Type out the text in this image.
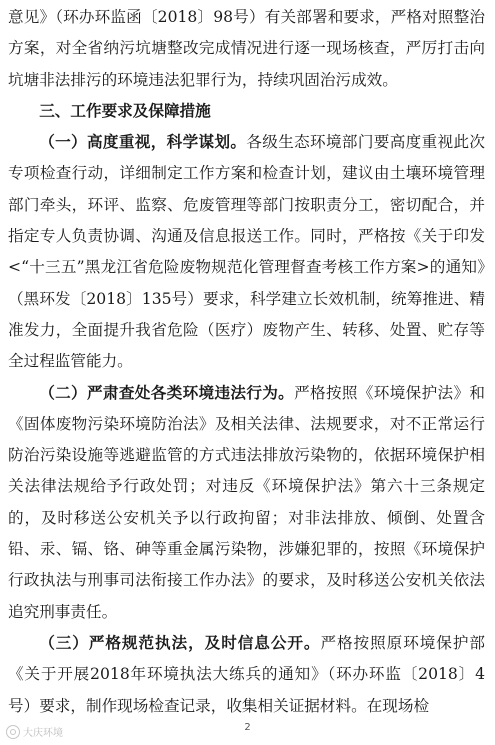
意见》（环办环监函〔2018〕98号）有关部署和要求，严格对照整治方案，对全省纳污坑塘整改完成情况进行逐一现场核查，严厉打击向坑塘非法排污的环境违法犯罪行为，持续巩固治污成效。

三、工作要求及保障措施

（一）高度重视，科学谋划。各级生态环境部门要高度重视此次专项检查行动，详细制定工作方案和检查计划，建议由土壤环境管理部门牵头，环评、监察、危废管理等部门按职责分工，密切配合，并指定专人负责协调、沟通及信息报送工作。同时，严格按《关于印发<“十三五”黑龙江省危险废物规范化管理督查考核工作方案>的通知》（黑环发〔2018〕135号）要求，科学建立长效机制，统筹推进、精准发力，全面提升我省危险（医疗）废物产生、转移、处置、贮存等全过程监管能力。

（二）严肃查处各类环境违法行为。严格按照《环境保护法》和《固体废物污染环境防治法》及相关法律、法规要求，对不正常运行防治污染设施等逃避监管的方式违法排放污染物的，依据环境保护相关法律法规给予行政处罚；对违反《环境保护法》第六十三条规定的，及时移送公安机关予以行政拘留；对非法排放、倾倒、处置含铅、汞、镉、铬、砷等重金属污染物，涉嫌犯罪的，按照《环境保护行政执法与刑事司法衔接工作办法》的要求，及时移送公安机关依法追究刑事责任。

（三）严格规范执法，及时信息公开。严格按照原环境保护部《关于开展2018年环境执法大练兵的通知》（环办环监〔2018〕4号）要求，制作现场检查记录，收集相关证据材料。在现场检

大庆环境
2
